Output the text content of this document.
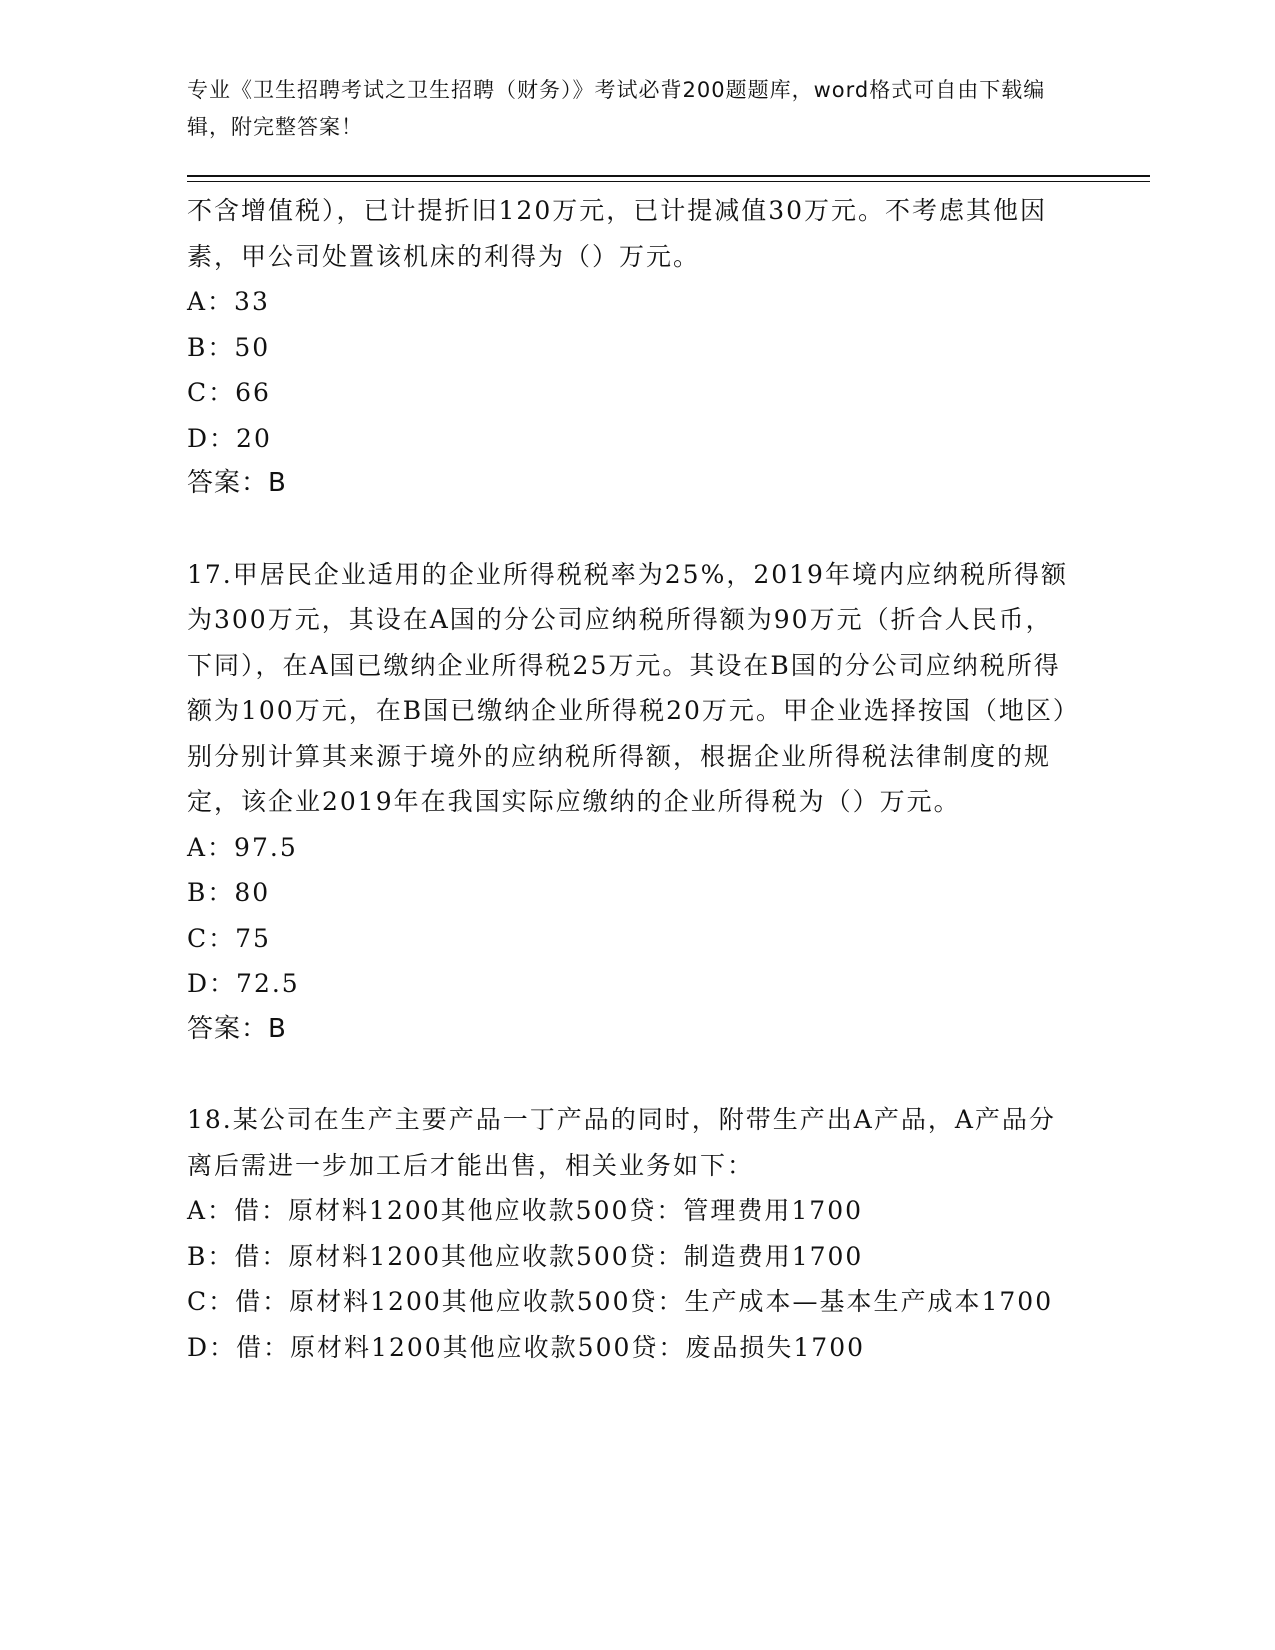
专业《卫生招聘考试之卫生招聘（财务）》考试必背200题题库，word格式可自由下载编辑，附完整答案！

不含增值税），已计提折旧120万元，已计提减值30万元。不考虑其他因素，甲公司处置该机床的利得为（）万元。

A：33

B：50

C：66

D：20

答案：B

17.甲居民企业适用的企业所得税税率为25%，2019年境内应纳税所得额为300万元，其设在A国的分公司应纳税所得额为90万元（折合人民币，下同），在A国已缴纳企业所得税25万元。其设在B国的分公司应纳税所得额为100万元，在B国已缴纳企业所得税20万元。甲企业选择按国（地区）别分别计算其来源于境外的应纳税所得额，根据企业所得税法律制度的规定，该企业2019年在我国实际应缴纳的企业所得税为（）万元。

A：97.5

B：80

C：75

D：72.5

答案：B

18.某公司在生产主要产品一丁产品的同时，附带生产出A产品，A产品分离后需进一步加工后才能出售，相关业务如下：

A：借：原材料1200其他应收款500贷：管理费用1700

B：借：原材料1200其他应收款500贷：制造费用1700

C：借：原材料1200其他应收款500贷：生产成本—基本生产成本1700

D：借：原材料1200其他应收款500贷：废品损失1700
